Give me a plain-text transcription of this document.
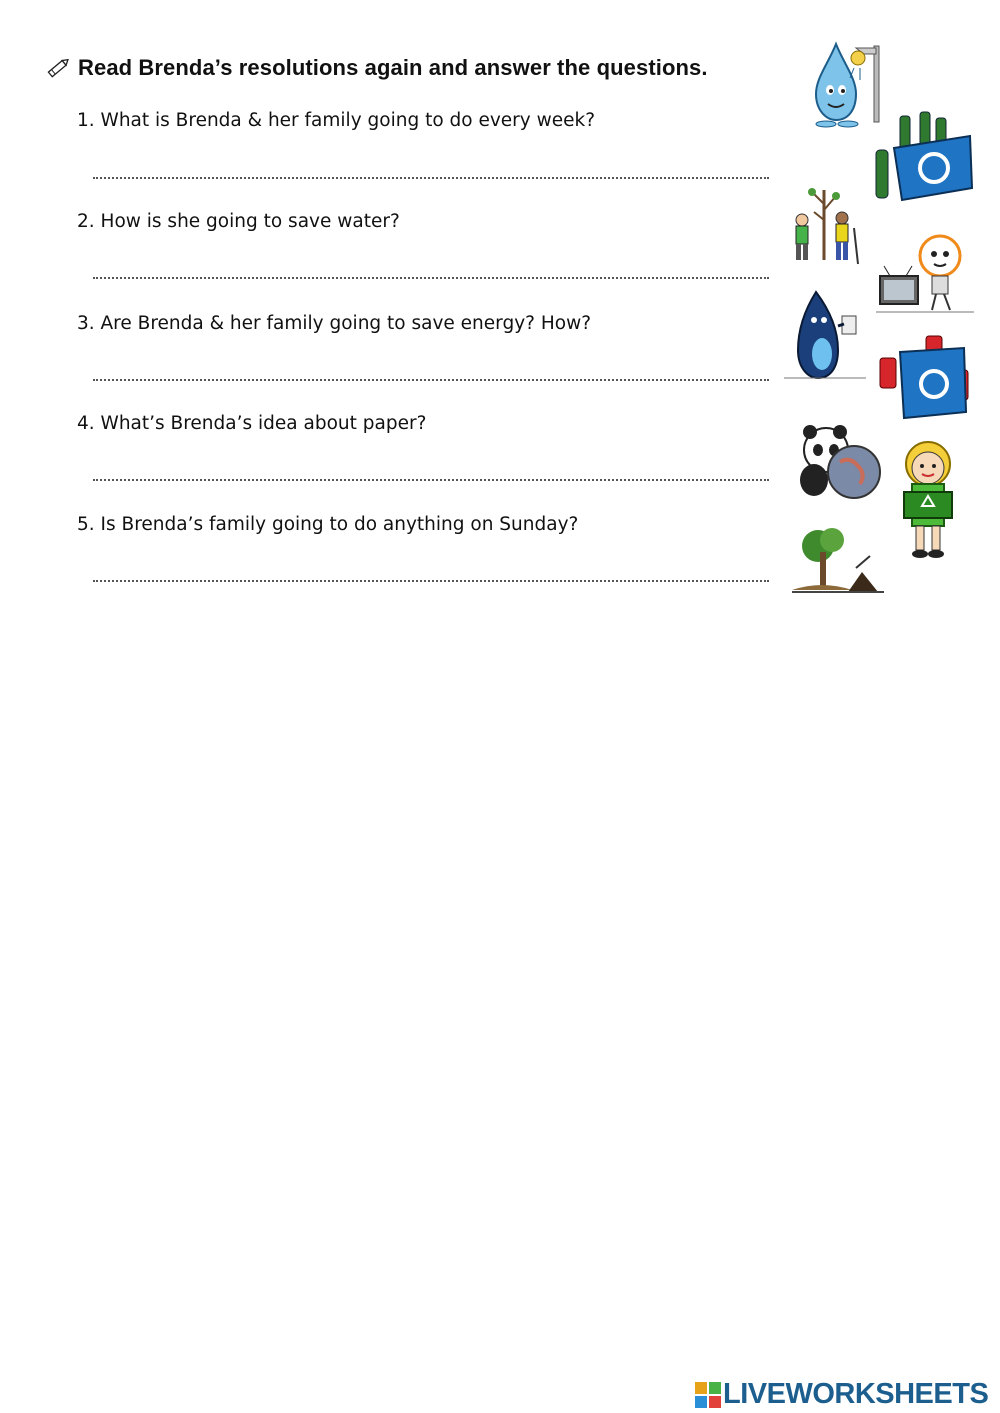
Read Brenda’s resolutions again and answer the questions.
1. What is Brenda & her family going to do every week?
2. How is she going to save water?
3. Are Brenda & her family going to save energy? How?
4. What’s Brenda’s idea about paper?
5. Is Brenda’s family going to do anything on Sunday?
LIVEWORKSHEETS
